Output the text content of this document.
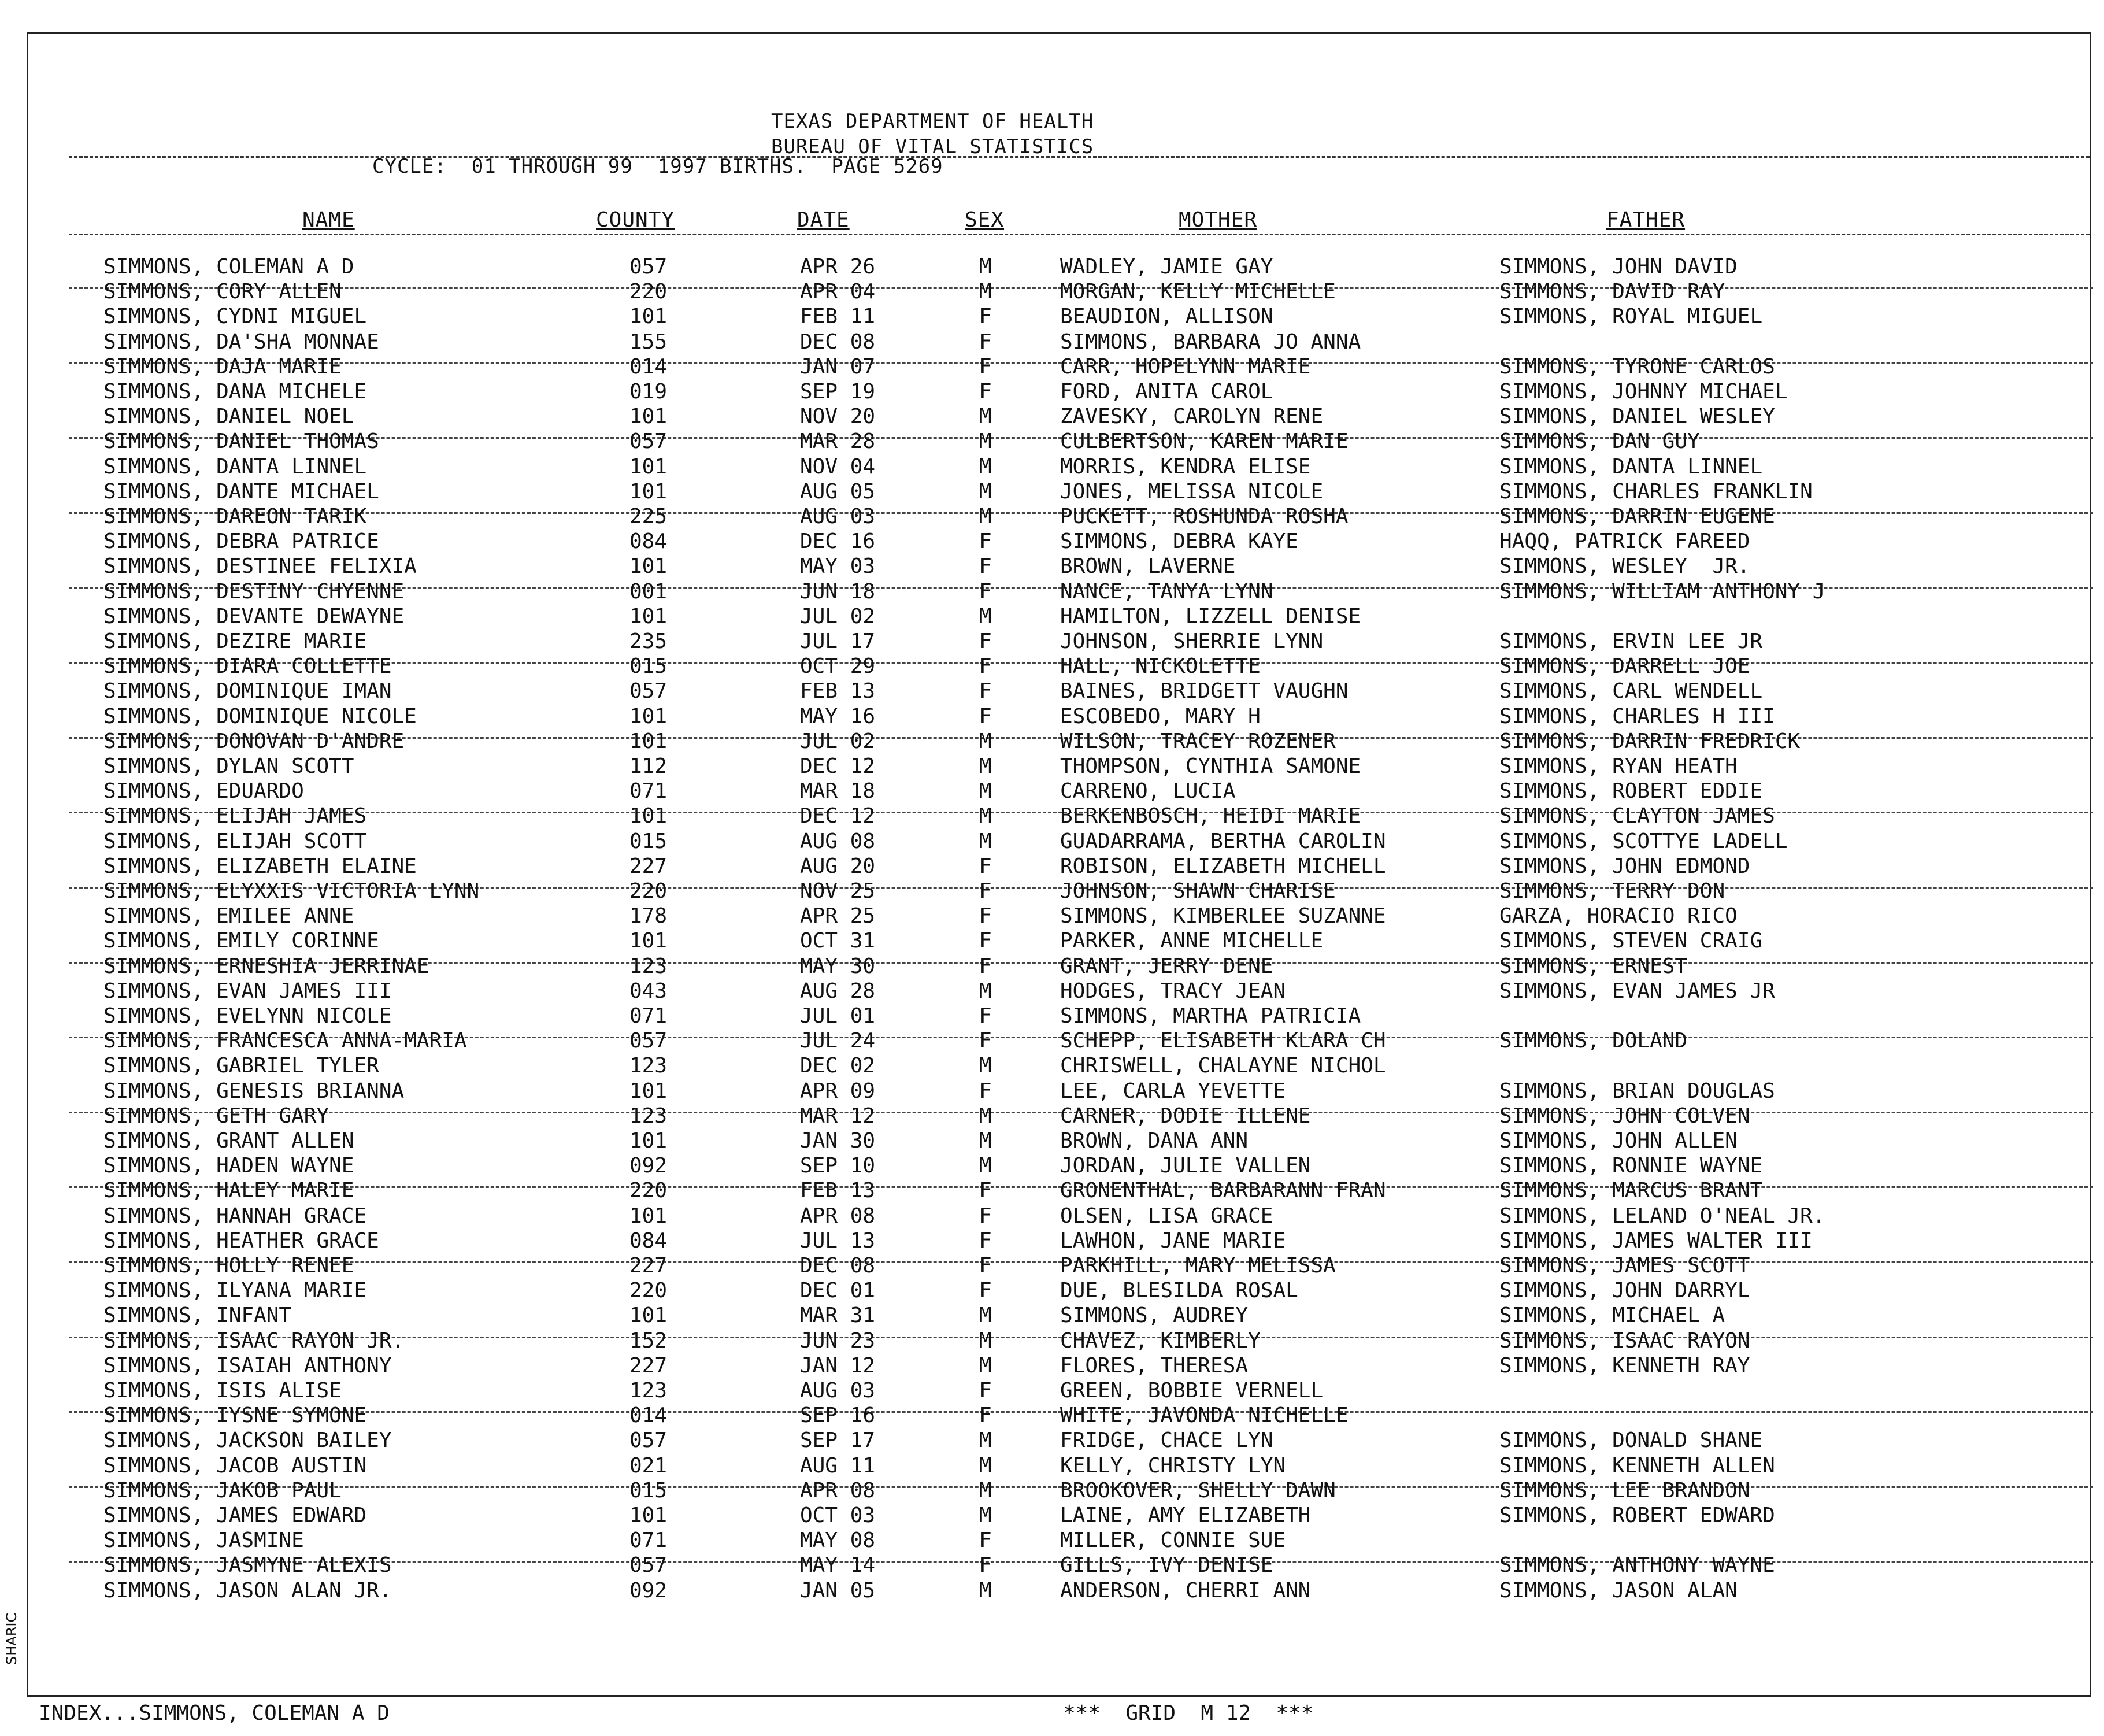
TEXAS DEPARTMENT OF HEALTH
BUREAU OF VITAL STATISTICS
CYCLE:  01 THROUGH 99  1997 BIRTHS.  PAGE 5269
NAME	COUNTY	DATE	SEX	MOTHER	FATHER
SIMMONS, COLEMAN A D	057	APR 26	M	WADLEY, JAMIE GAY	SIMMONS, JOHN DAVID
SIMMONS, CORY ALLEN	220	APR 04	M	MORGAN, KELLY MICHELLE	SIMMONS, DAVID RAY
SIMMONS, CYDNI MIGUEL	101	FEB 11	F	BEAUDION, ALLISON	SIMMONS, ROYAL MIGUEL
SIMMONS, DA'SHA MONNAE	155	DEC 08	F	SIMMONS, BARBARA JO ANNA
SIMMONS, DAJA MARIE	014	JAN 07	F	CARR, HOPELYNN MARIE	SIMMONS, TYRONE CARLOS
SIMMONS, DANA MICHELE	019	SEP 19	F	FORD, ANITA CAROL	SIMMONS, JOHNNY MICHAEL
SIMMONS, DANIEL NOEL	101	NOV 20	M	ZAVESKY, CAROLYN RENE	SIMMONS, DANIEL WESLEY
SIMMONS, DANIEL THOMAS	057	MAR 28	M	CULBERTSON, KAREN MARIE	SIMMONS, DAN GUY
SIMMONS, DANTA LINNEL	101	NOV 04	M	MORRIS, KENDRA ELISE	SIMMONS, DANTA LINNEL
SIMMONS, DANTE MICHAEL	101	AUG 05	M	JONES, MELISSA NICOLE	SIMMONS, CHARLES FRANKLIN
SIMMONS, DAREON TARIK	225	AUG 03	M	PUCKETT, ROSHUNDA ROSHA	SIMMONS, DARRIN EUGENE
SIMMONS, DEBRA PATRICE	084	DEC 16	F	SIMMONS, DEBRA KAYE	HAQQ, PATRICK FAREED
SIMMONS, DESTINEE FELIXIA	101	MAY 03	F	BROWN, LAVERNE	SIMMONS, WESLEY  JR.
SIMMONS, DESTINY CHYENNE	001	JUN 18	F	NANCE, TANYA LYNN	SIMMONS, WILLIAM ANTHONY J
SIMMONS, DEVANTE DEWAYNE	101	JUL 02	M	HAMILTON, LIZZELL DENISE
SIMMONS, DEZIRE MARIE	235	JUL 17	F	JOHNSON, SHERRIE LYNN	SIMMONS, ERVIN LEE JR
SIMMONS, DIARA COLLETTE	015	OCT 29	F	HALL, NICKOLETTE	SIMMONS, DARRELL JOE
SIMMONS, DOMINIQUE IMAN	057	FEB 13	F	BAINES, BRIDGETT VAUGHN	SIMMONS, CARL WENDELL
SIMMONS, DOMINIQUE NICOLE	101	MAY 16	F	ESCOBEDO, MARY H	SIMMONS, CHARLES H III
SIMMONS, DONOVAN D'ANDRE	101	JUL 02	M	WILSON, TRACEY ROZENER	SIMMONS, DARRIN FREDRICK
SIMMONS, DYLAN SCOTT	112	DEC 12	M	THOMPSON, CYNTHIA SAMONE	SIMMONS, RYAN HEATH
SIMMONS, EDUARDO	071	MAR 18	M	CARRENO, LUCIA	SIMMONS, ROBERT EDDIE
SIMMONS, ELIJAH JAMES	101	DEC 12	M	BERKENBOSCH, HEIDI MARIE	SIMMONS, CLAYTON JAMES
SIMMONS, ELIJAH SCOTT	015	AUG 08	M	GUADARRAMA, BERTHA CAROLIN	SIMMONS, SCOTTYE LADELL
SIMMONS, ELIZABETH ELAINE	227	AUG 20	F	ROBISON, ELIZABETH MICHELL	SIMMONS, JOHN EDMOND
SIMMONS, ELYXXIS VICTORIA LYNN	220	NOV 25	F	JOHNSON, SHAWN CHARISE	SIMMONS, TERRY DON
SIMMONS, EMILEE ANNE	178	APR 25	F	SIMMONS, KIMBERLEE SUZANNE	GARZA, HORACIO RICO
SIMMONS, EMILY CORINNE	101	OCT 31	F	PARKER, ANNE MICHELLE	SIMMONS, STEVEN CRAIG
SIMMONS, ERNESHIA JERRINAE	123	MAY 30	F	GRANT, JERRY DENE	SIMMONS, ERNEST
SIMMONS, EVAN JAMES III	043	AUG 28	M	HODGES, TRACY JEAN	SIMMONS, EVAN JAMES JR
SIMMONS, EVELYNN NICOLE	071	JUL 01	F	SIMMONS, MARTHA PATRICIA
SIMMONS, FRANCESCA ANNA-MARIA	057	JUL 24	F	SCHEPP, ELISABETH KLARA CH	SIMMONS, DOLAND
SIMMONS, GABRIEL TYLER	123	DEC 02	M	CHRISWELL, CHALAYNE NICHOL
SIMMONS, GENESIS BRIANNA	101	APR 09	F	LEE, CARLA YEVETTE	SIMMONS, BRIAN DOUGLAS
SIMMONS, GETH GARY	123	MAR 12	M	CARNER, DODIE ILLENE	SIMMONS, JOHN COLVEN
SIMMONS, GRANT ALLEN	101	JAN 30	M	BROWN, DANA ANN	SIMMONS, JOHN ALLEN
SIMMONS, HADEN WAYNE	092	SEP 10	M	JORDAN, JULIE VALLEN	SIMMONS, RONNIE WAYNE
SIMMONS, HALEY MARIE	220	FEB 13	F	GRONENTHAL, BARBARANN FRAN	SIMMONS, MARCUS BRANT
SIMMONS, HANNAH GRACE	101	APR 08	F	OLSEN, LISA GRACE	SIMMONS, LELAND O'NEAL JR.
SIMMONS, HEATHER GRACE	084	JUL 13	F	LAWHON, JANE MARIE	SIMMONS, JAMES WALTER III
SIMMONS, HOLLY RENEE	227	DEC 08	F	PARKHILL, MARY MELISSA	SIMMONS, JAMES SCOTT
SIMMONS, ILYANA MARIE	220	DEC 01	F	DUE, BLESILDA ROSAL	SIMMONS, JOHN DARRYL
SIMMONS, INFANT	101	MAR 31	M	SIMMONS, AUDREY	SIMMONS, MICHAEL A
SIMMONS, ISAAC RAYON JR.	152	JUN 23	M	CHAVEZ, KIMBERLY	SIMMONS, ISAAC RAYON
SIMMONS, ISAIAH ANTHONY	227	JAN 12	M	FLORES, THERESA	SIMMONS, KENNETH RAY
SIMMONS, ISIS ALISE	123	AUG 03	F	GREEN, BOBBIE VERNELL
SIMMONS, IYSNE SYMONE	014	SEP 16	F	WHITE, JAVONDA NICHELLE
SIMMONS, JACKSON BAILEY	057	SEP 17	M	FRIDGE, CHACE LYN	SIMMONS, DONALD SHANE
SIMMONS, JACOB AUSTIN	021	AUG 11	M	KELLY, CHRISTY LYN	SIMMONS, KENNETH ALLEN
SIMMONS, JAKOB PAUL	015	APR 08	M	BROOKOVER, SHELLY DAWN	SIMMONS, LEE BRANDON
SIMMONS, JAMES EDWARD	101	OCT 03	M	LAINE, AMY ELIZABETH	SIMMONS, ROBERT EDWARD
SIMMONS, JASMINE	071	MAY 08	F	MILLER, CONNIE SUE
SIMMONS, JASMYNE ALEXIS	057	MAY 14	F	GILLS, IVY DENISE	SIMMONS, ANTHONY WAYNE
SIMMONS, JASON ALAN JR.	092	JAN 05	M	ANDERSON, CHERRI ANN	SIMMONS, JASON ALAN
INDEX...SIMMONS, COLEMAN A D	***  GRID  M 12  ***
SHARIC
